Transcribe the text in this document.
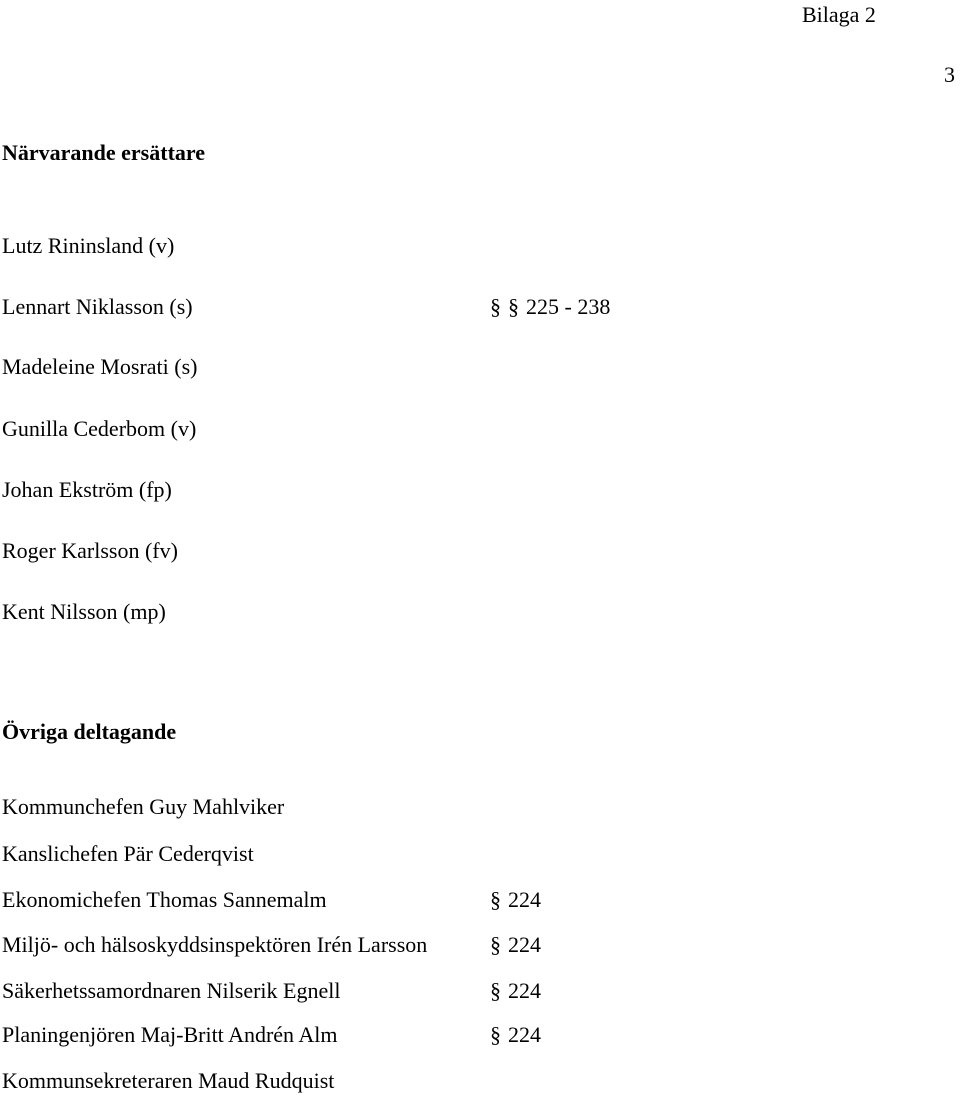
Bilaga 2
3
Närvarande ersättare
Lutz Rininsland (v)
Lennart Niklasson (s)	§ § 225 - 238
Madeleine Mosrati (s)
Gunilla Cederbom (v)
Johan Ekström (fp)
Roger Karlsson (fv)
Kent Nilsson (mp)
Övriga deltagande
Kommunchefen Guy Mahlviker
Kanslichefen Pär Cederqvist
Ekonomichefen Thomas Sannemalm	§ 224
Miljö- och hälsoskyddsinspektören Irén Larsson	§ 224
Säkerhetssamordnaren Nilserik Egnell	§ 224
Planingenjören Maj-Britt Andrén Alm	§ 224
Kommunsekreteraren Maud Rudquist
